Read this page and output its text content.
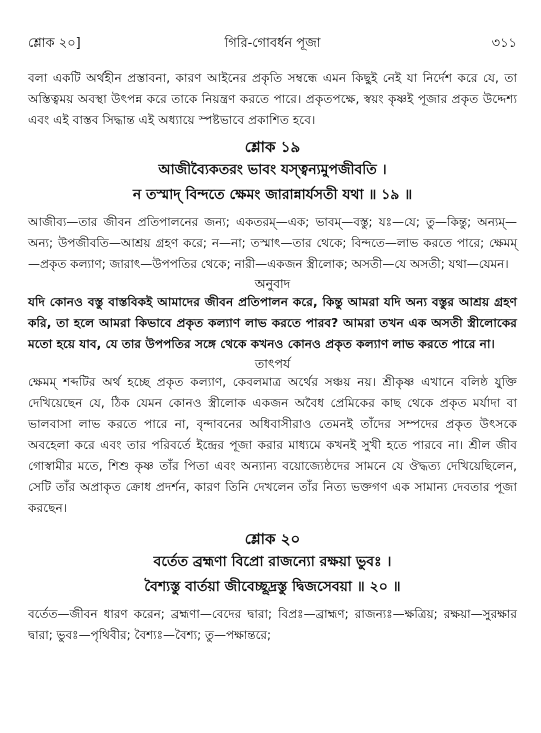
শ্লোক ২০]	গিরি-গোবর্ধন পূজা	৩১১

বলা একটি অর্থহীন প্রস্তাবনা, কারণ আইনের প্রকৃতি সম্বন্ধে এমন কিছুই নেই যা নির্দেশ করে যে, তা অস্তিত্বময় অবস্থা উৎপন্ন করে তাকে নিয়ন্ত্রণ করতে পারে। প্রকৃতপক্ষে, স্বয়ং কৃষ্ণই পূজার প্রকৃত উদ্দেশ্য এবং এই বাস্তব সিদ্ধান্ত এই অধ্যায়ে স্পষ্টভাবে প্রকাশিত হবে।

শ্লোক ১৯

আজীব্যৈকতরং ভাবং যস্ত্বন্যমুপজীবতি ।

ন তস্মাদ্ বিন্দতে ক্ষেমং জারান্নার্যসতী যথা ॥ ১৯ ॥

আজীব্য—তার জীবন প্রতিপালনের জন্য; একতরম্—এক; ভাবম্—বস্তু; যঃ—যে; তু—কিন্তু; অন্যম্—অন্য; উপজীবতি—আশ্রয় গ্রহণ করে; ন—না; তস্মাৎ—তার থেকে; বিন্দতে—লাভ করতে পারে; ক্ষেমম্—প্রকৃত কল্যাণ; জারাৎ—উপপতির থেকে; নারী—একজন স্ত্রীলোক; অসতী—যে অসতী; যথা—যেমন।

অনুবাদ

যদি কোনও বস্তু বাস্তবিকই আমাদের জীবন প্রতিপালন করে, কিন্তু আমরা যদি অন্য বস্তুর আশ্রয় গ্রহণ করি, তা হলে আমরা কিভাবে প্রকৃত কল্যাণ লাভ করতে পারব? আমরা তখন এক অসতী স্ত্রীলোকের মতো হয়ে যাব, যে তার উপপতির সঙ্গে থেকে কখনও কোনও প্রকৃত কল্যাণ লাভ করতে পারে না।

তাৎপর্য

ক্ষেমম্ শব্দটির অর্থ হচ্ছে প্রকৃত কল্যাণ, কেবলমাত্র অর্থের সঞ্চয় নয়। শ্রীকৃষ্ণ এখানে বলিষ্ঠ যুক্তি দেখিয়েছেন যে, ঠিক যেমন কোনও স্ত্রীলোক একজন অবৈধ প্রেমিকের কাছ থেকে প্রকৃত মর্যাদা বা ভালবাসা লাভ করতে পারে না, বৃন্দাবনের অধিবাসীরাও তেমনই তাঁদের সম্পদের প্রকৃত উৎসকে অবহেলা করে এবং তার পরিবর্তে ইন্দ্রের পূজা করার মাধ্যমে কখনই সুখী হতে পারবে না। শ্রীল জীব গোস্বামীর মতে, শিশু কৃষ্ণ তাঁর পিতা এবং অন্যান্য বয়োজ্যেষ্ঠদের সামনে যে ঔদ্ধত্য দেখিয়েছিলেন, সেটি তাঁর অপ্রাকৃত ক্রোধ প্রদর্শন, কারণ তিনি দেখলেন তাঁর নিত্য ভক্তগণ এক সামান্য দেবতার পূজা করছেন।

শ্লোক ২০

বর্তেত ব্রহ্মণা বিপ্রো রাজন্যো রক্ষয়া ভুবঃ ।

বৈশ্যস্তু বার্তয়া জীবেচ্ছূদ্রস্তু দ্বিজসেবয়া ॥ ২০ ॥

বর্তেত—জীবন ধারণ করেন; ব্রহ্মণা—বেদের দ্বারা; বিপ্রঃ—ব্রাহ্মণ; রাজন্যঃ—ক্ষত্রিয়; রক্ষয়া—সুরক্ষার দ্বারা; ভুবঃ—পৃথিবীর; বৈশ্যঃ—বৈশ্য; তু—পক্ষান্তরে;
